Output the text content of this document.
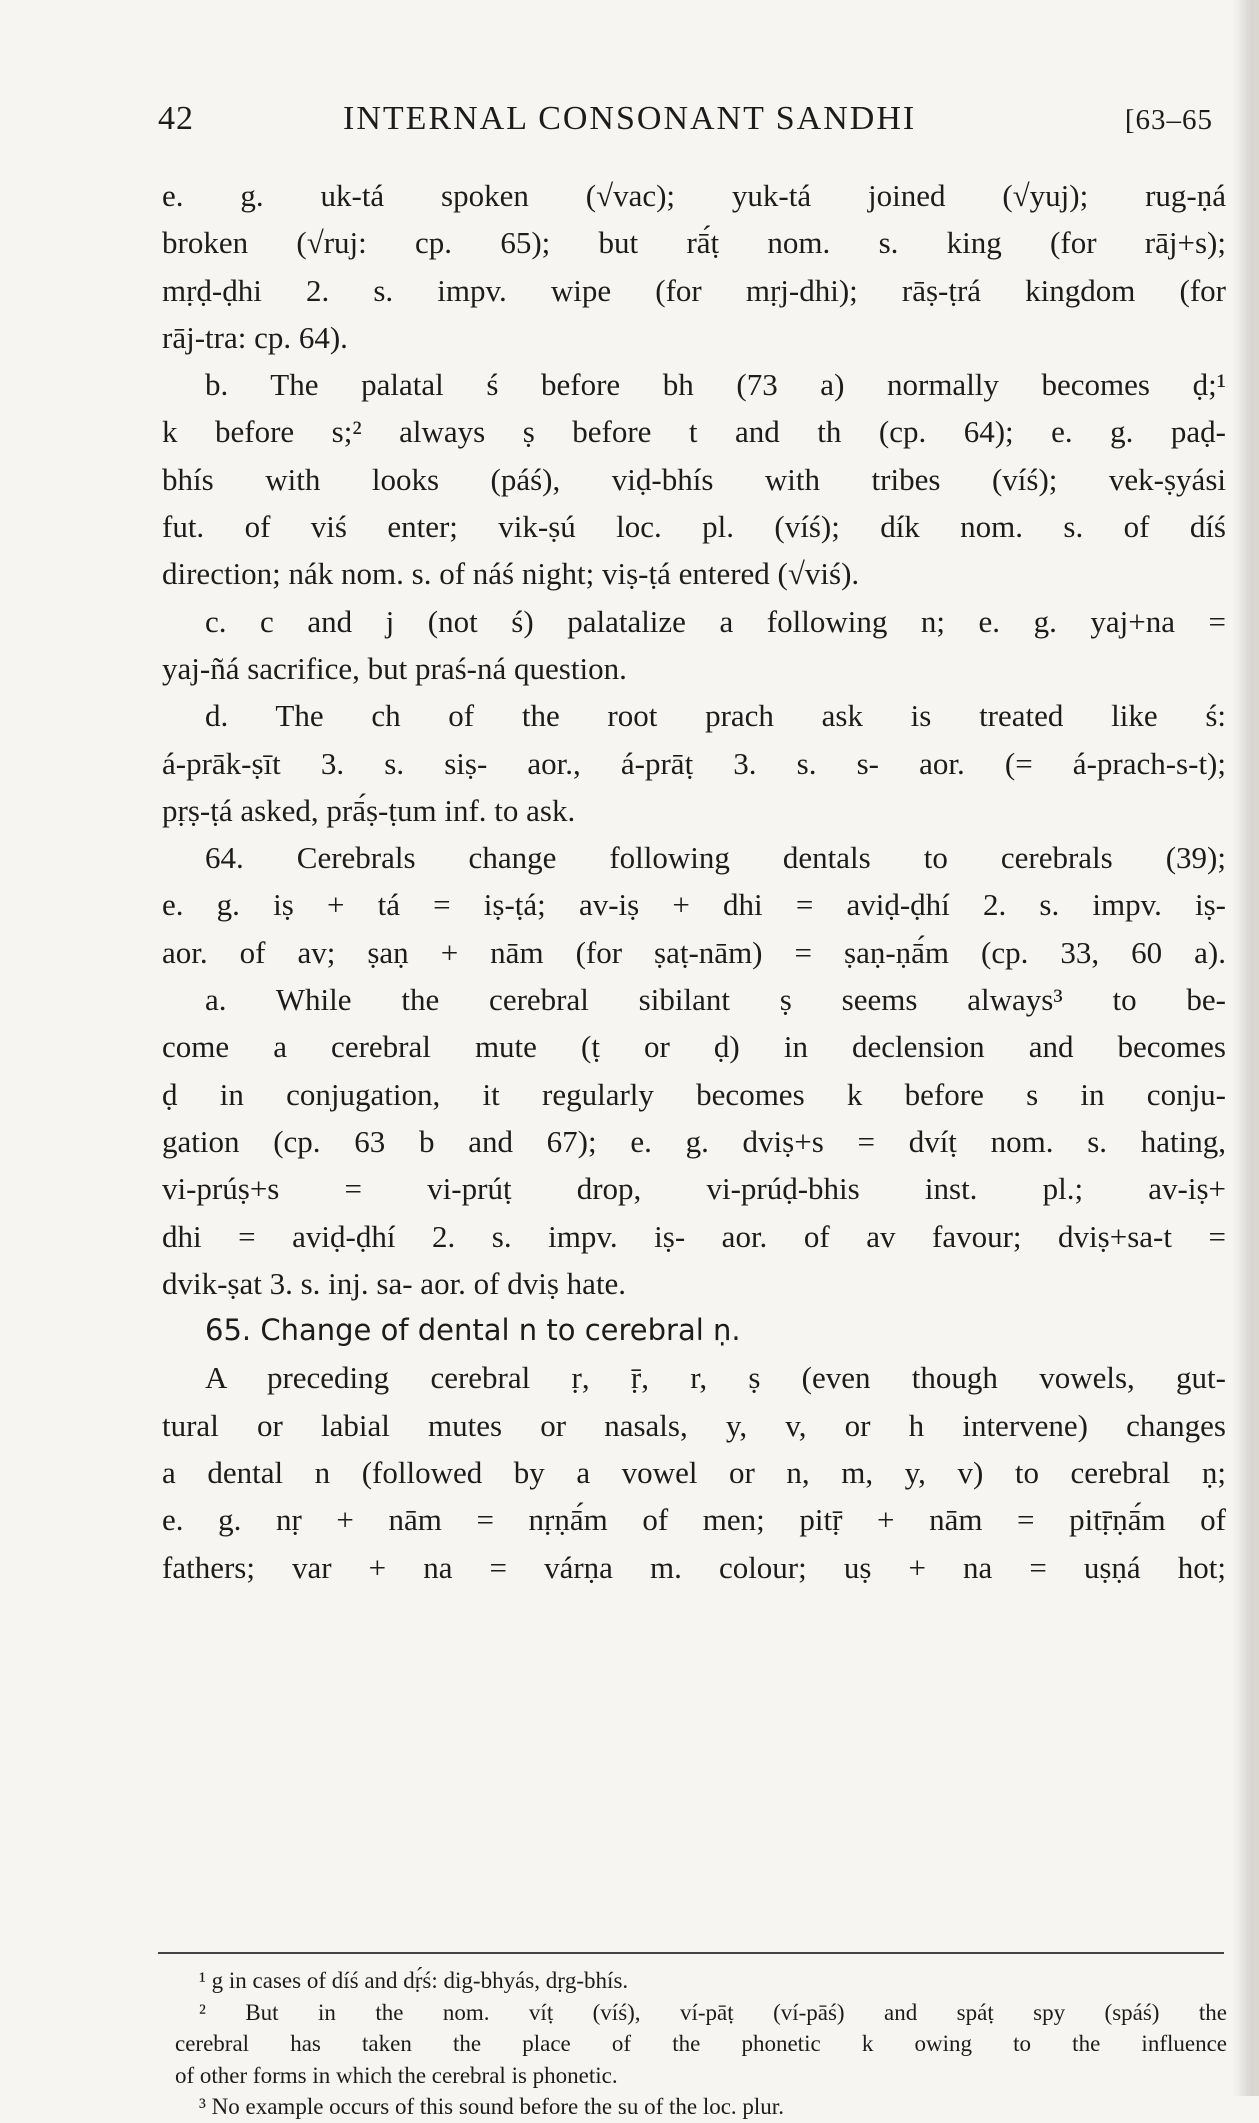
42	INTERNAL CONSONANT SANDHI	[63–65
e. g. uk-tá spoken (√vac); yuk-tá joined (√yuj); rug-ṇá
broken (√ruj: cp. 65); but rā́ṭ nom. s. king (for rāj+s);
mṛḍ-ḍhi 2. s. impv. wipe (for mṛj-dhi); rāṣ-ṭrá kingdom (for
rāj-tra: cp. 64).
b. The palatal ś before bh (73 a) normally becomes ḍ;¹
k before s;² always ṣ before t and th (cp. 64); e. g. paḍ-
bhís with looks (páś), viḍ-bhís with tribes (víś); vek-ṣyási
fut. of viś enter; vik-ṣú loc. pl. (víś); dík nom. s. of díś
direction; nák nom. s. of náś night; viṣ-ṭá entered (√viś).
c. c and j (not ś) palatalize a following n; e. g. yaj+na =
yaj-ñá sacrifice, but praś-ná question.
d. The ch of the root prach ask is treated like ś:
á-prāk-ṣīt 3. s. siṣ- aor., á-prāṭ 3. s. s- aor. (= á-prach-s-t);
pṛṣ-ṭá asked, prā́ṣ-ṭum inf. to ask.
64. Cerebrals change following dentals to cerebrals (39);
e. g. iṣ + tá = iṣ-ṭá; av-iṣ + dhi = aviḍ-ḍhí 2. s. impv. iṣ-
aor. of av; ṣaṇ + nām (for ṣaṭ-nām) = ṣaṇ-ṇā́m (cp. 33, 60 a).
a. While the cerebral sibilant ṣ seems always³ to be-
come a cerebral mute (ṭ or ḍ) in declension and becomes
ḍ in conjugation, it regularly becomes k before s in conju-
gation (cp. 63 b and 67); e. g. dviṣ+s = dvíṭ nom. s. hating,
vi-prúṣ+s = vi-prúṭ drop, vi-prúḍ-bhis inst. pl.; av-iṣ+
dhi = aviḍ-ḍhí 2. s. impv. iṣ- aor. of av favour; dviṣ+sa-t =
dvik-ṣat 3. s. inj. sa- aor. of dviṣ hate.
65. Change of dental n to cerebral ṇ.
A preceding cerebral ṛ, ṝ, r, ṣ (even though vowels, gut-
tural or labial mutes or nasals, y, v, or h intervene) changes
a dental n (followed by a vowel or n, m, y, v) to cerebral ṇ;
e. g. nṛ + nām = nṛṇā́m of men; pitṝ + nām = pitṝṇā́m of
fathers; var + na = várṇa m. colour; uṣ + na = uṣṇá hot;
¹ g in cases of díś and dṛ́ś: dig-bhyás, dṛg-bhís.
² But in the nom. víṭ (víś), ví-pāṭ (ví-pāś) and spáṭ spy (spáś) the
cerebral has taken the place of the phonetic k owing to the influence
of other forms in which the cerebral is phonetic.
³ No example occurs of this sound before the su of the loc. plur.
